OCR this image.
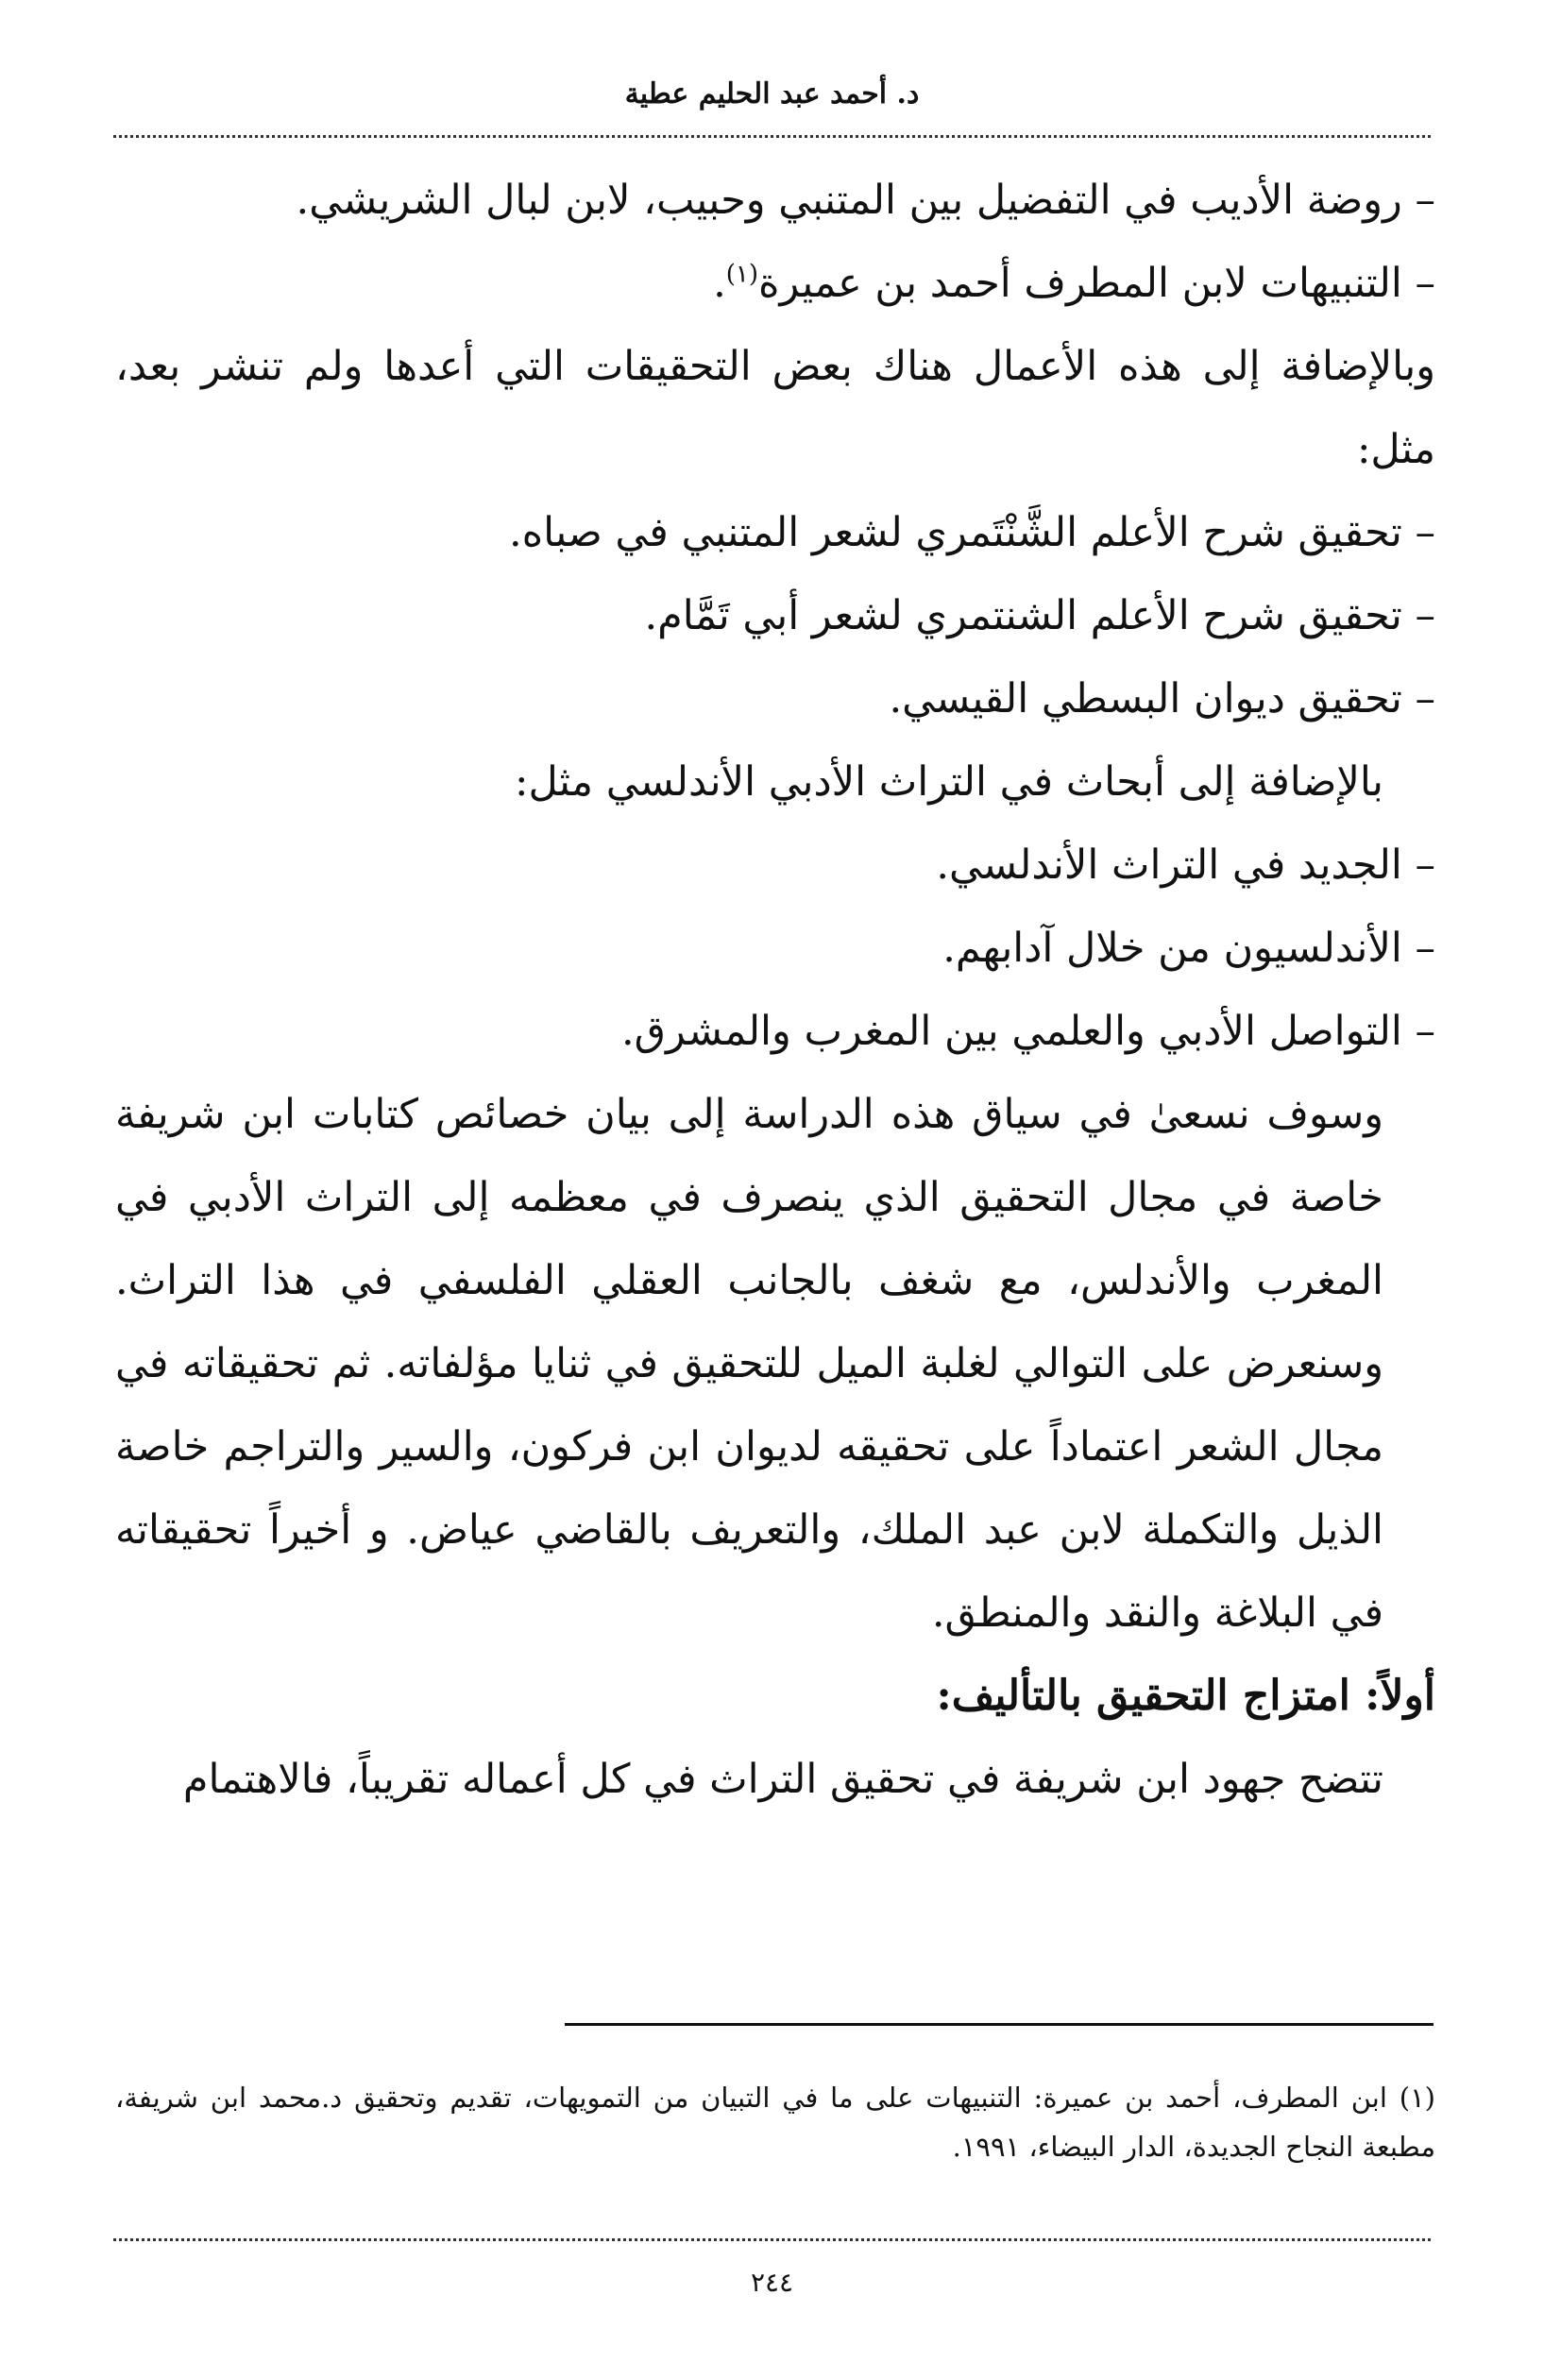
د. أحمد عبد الحليم عطية

– روضة الأديب في التفضيل بين المتنبي وحبيب، لابن لبال الشريشي.

– التنبيهات لابن المطرف أحمد بن عميرة$^{(١)}$.

وبالإضافة إلى هذه الأعمال هناك بعض التحقيقات التي أعدها ولم تنشر بعد، مثل:

– تحقيق شرح الأعلم الشَّنْتَمري لشعر المتنبي في صباه.

– تحقيق شرح الأعلم الشنتمري لشعر أبي تَمَّام.

– تحقيق ديوان البسطي القيسي.

بالإضافة إلى أبحاث في التراث الأدبي الأندلسي مثل:

– الجديد في التراث الأندلسي.

– الأندلسيون من خلال آدابهم.

– التواصل الأدبي والعلمي بين المغرب والمشرق.

وسوف نسعىٰ في سياق هذه الدراسة إلى بيان خصائص كتابات ابن شريفة خاصة في مجال التحقيق الذي ينصرف في معظمه إلى التراث الأدبي في المغرب والأندلس، مع شغف بالجانب العقلي الفلسفي في هذا التراث. وسنعرض على التوالي لغلبة الميل للتحقيق في ثنايا مؤلفاته. ثم تحقيقاته في مجال الشعر اعتماداً على تحقيقه لديوان ابن فركون، والسير والتراجم خاصة الذيل والتكملة لابن عبد الملك، والتعريف بالقاضي عياض. و أخيراً تحقيقاته في البلاغة والنقد والمنطق.

أولاً: امتزاج التحقيق بالتأليف:

تتضح جهود ابن شريفة في تحقيق التراث في كل أعماله تقريباً، فالاهتمام

(١) ابن المطرف، أحمد بن عميرة: التنبيهات على ما في التبيان من التمويهات، تقديم وتحقيق د.محمد ابن شريفة، مطبعة النجاح الجديدة، الدار البيضاء، ١٩٩١.
٢٤٤
